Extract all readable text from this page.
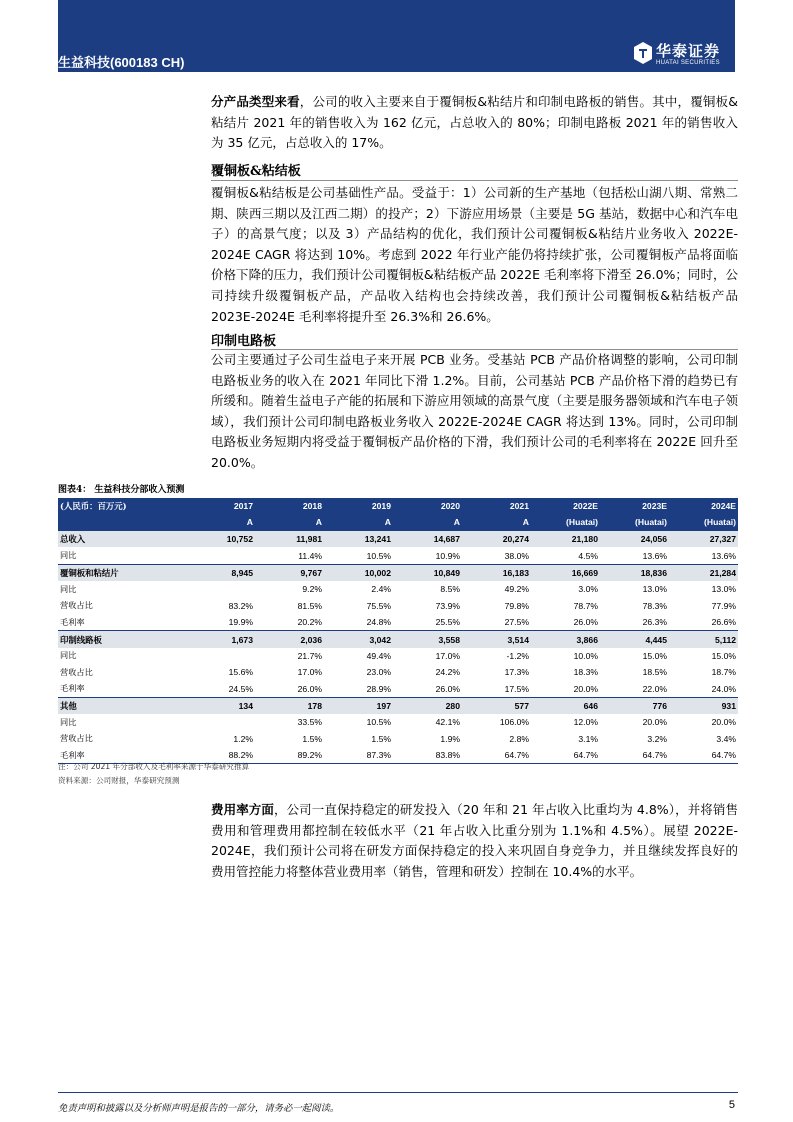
生益科技(600183 CH)
华泰证券
HUATAI SECURITIES
分产品类型来看，公司的收入主要来自于覆铜板&粘结片和印制电路板的销售。其中，覆铜板&粘结片 2021 年的销售收入为 162 亿元，占总收入的 80%；印制电路板 2021 年的销售收入为 35 亿元，占总收入的 17%。
覆铜板&粘结板
覆铜板&粘结板是公司基础性产品。受益于：1）公司新的生产基地（包括松山湖八期、常熟二期、陕西三期以及江西二期）的投产；2）下游应用场景（主要是 5G 基站，数据中心和汽车电子）的高景气度；以及 3）产品结构的优化，我们预计公司覆铜板&粘结片业务收入 2022E-2024E CAGR 将达到 10%。考虑到 2022 年行业产能仍将持续扩张，公司覆铜板产品将面临价格下降的压力，我们预计公司覆铜板&粘结板产品 2022E 毛利率将下滑至 26.0%；同时，公司持续升级覆铜板产品，产品收入结构也会持续改善，我们预计公司覆铜板&粘结板产品 2023E-2024E 毛利率将提升至 26.3%和 26.6%。
印制电路板
公司主要通过子公司生益电子来开展 PCB 业务。受基站 PCB 产品价格调整的影响，公司印制电路板业务的收入在 2021 年同比下滑 1.2%。目前，公司基站 PCB 产品价格下滑的趋势已有所缓和。随着生益电子产能的拓展和下游应用领域的高景气度（主要是服务器领域和汽车电子领域），我们预计公司印制电路板业务收入 2022E-2024E CAGR 将达到 13%。同时，公司印制电路板业务短期内将受益于覆铜板产品价格的下滑，我们预计公司的毛利率将在 2022E 回升至 20.0%。
图表4： 生益科技分部收入预测
(人民币：百万元)	2017	2018	2019	2020	2021	2022E	2023E	2024E
	A	A	A	A	A	(Huatai)	(Huatai)	(Huatai)
总收入	10,752	11,981	13,241	14,687	20,274	21,180	24,056	27,327
同比		11.4%	10.5%	10.9%	38.0%	4.5%	13.6%	13.6%
覆铜板和粘结片	8,945	9,767	10,002	10,849	16,183	16,669	18,836	21,284
同比		9.2%	2.4%	8.5%	49.2%	3.0%	13.0%	13.0%
营收占比	83.2%	81.5%	75.5%	73.9%	79.8%	78.7%	78.3%	77.9%
毛利率	19.9%	20.2%	24.8%	25.5%	27.5%	26.0%	26.3%	26.6%
印制线路板	1,673	2,036	3,042	3,558	3,514	3,866	4,445	5,112
同比		21.7%	49.4%	17.0%	-1.2%	10.0%	15.0%	15.0%
营收占比	15.6%	17.0%	23.0%	24.2%	17.3%	18.3%	18.5%	18.7%
毛利率	24.5%	26.0%	28.9%	26.0%	17.5%	20.0%	22.0%	24.0%
其他	134	178	197	280	577	646	776	931
同比		33.5%	10.5%	42.1%	106.0%	12.0%	20.0%	20.0%
营收占比	1.2%	1.5%	1.5%	1.9%	2.8%	3.1%	3.2%	3.4%
毛利率	88.2%	89.2%	87.3%	83.8%	64.7%	64.7%	64.7%	64.7%
注：公司 2021 年分部收入及毛利率来源于华泰研究推算
资料来源：公司财报，华泰研究预测
费用率方面，公司一直保持稳定的研发投入（20 年和 21 年占收入比重均为 4.8%），并将销售费用和管理费用都控制在较低水平（21 年占收入比重分别为 1.1%和 4.5%）。展望 2022E-2024E，我们预计公司将在研发方面保持稳定的投入来巩固自身竞争力，并且继续发挥良好的费用管控能力将整体营业费用率（销售，管理和研发）控制在 10.4%的水平。
免责声明和披露以及分析师声明是报告的一部分，请务必一起阅读。	5
